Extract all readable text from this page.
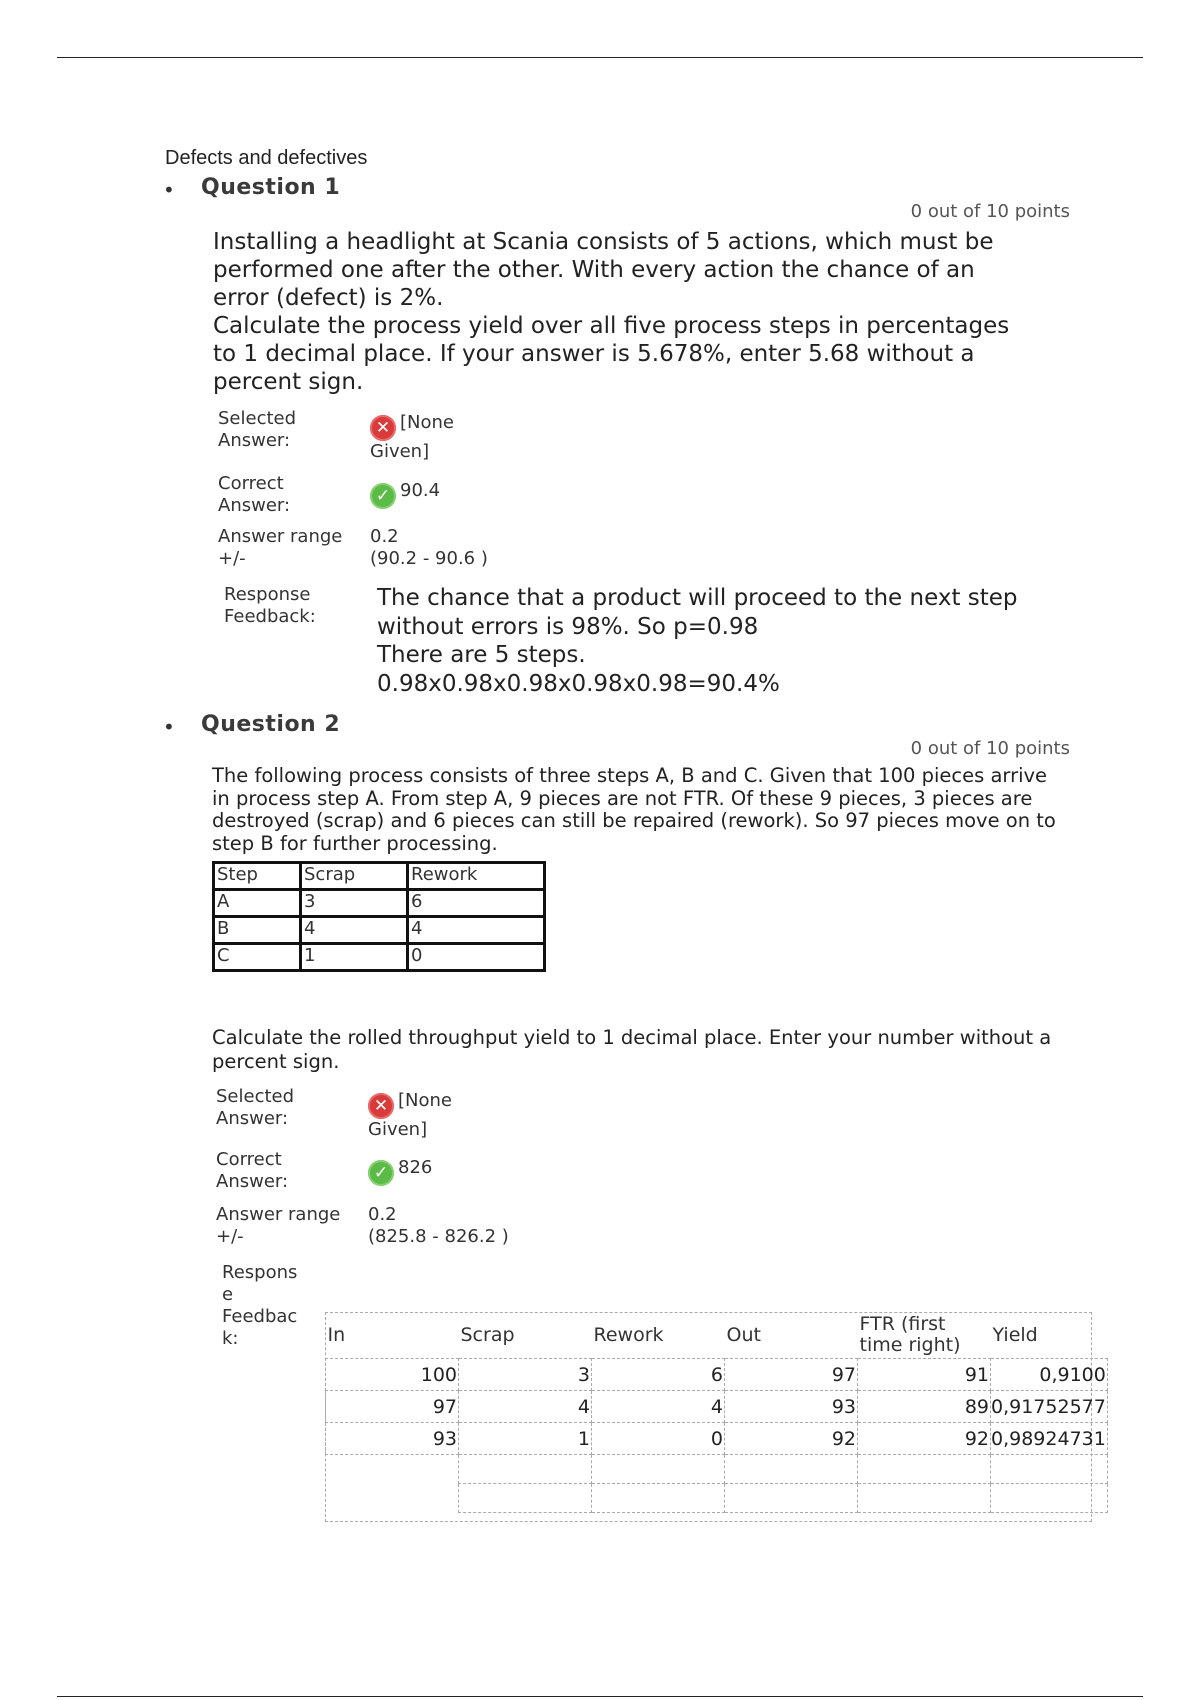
Defects and defectives
• Question 1
0 out of 10 points
Installing a headlight at Scania consists of 5 actions, which must be
performed one after the other. With every action the chance of an
error (defect) is 2%.
Calculate the process yield over all five process steps in percentages
to 1 decimal place. If your answer is 5.678%, enter 5.68 without a
percent sign.
Selected
Answer:
✕ [None
Given]
Correct
Answer:	✓ 90.4
Answer range
+/-
0.2
(90.2 - 90.6 )
Response
Feedback:
The chance that a product will proceed to the next step
without errors is 98%. So p=0.98
There are 5 steps.
0.98x0.98x0.98x0.98x0.98=90.4%
• Question 2
0 out of 10 points
The following process consists of three steps A, B and C. Given that 100 pieces arrive
in process step A. From step A, 9 pieces are not FTR. Of these 9 pieces, 3 pieces are
destroyed (scrap) and 6 pieces can still be repaired (rework). So 97 pieces move on to
step B for further processing.
Step	Scrap	Rework
A	3	6
B	4	4
C	1	0
Calculate the rolled throughput yield to 1 decimal place. Enter your number without a
percent sign.
Selected
Answer:
✕ [None
Given]
Correct
Answer:	✓ 826
Answer range
+/-
0.2
(825.8 - 826.2 )
Respons
e
Feedbac
k:	In	Scrap	Rework	Out	FTR (first time right)	Yield
100	3	6	97	91	0,9100
97	4	4	93	89	0,91752577
93	1	0	92	92	0,98924731
